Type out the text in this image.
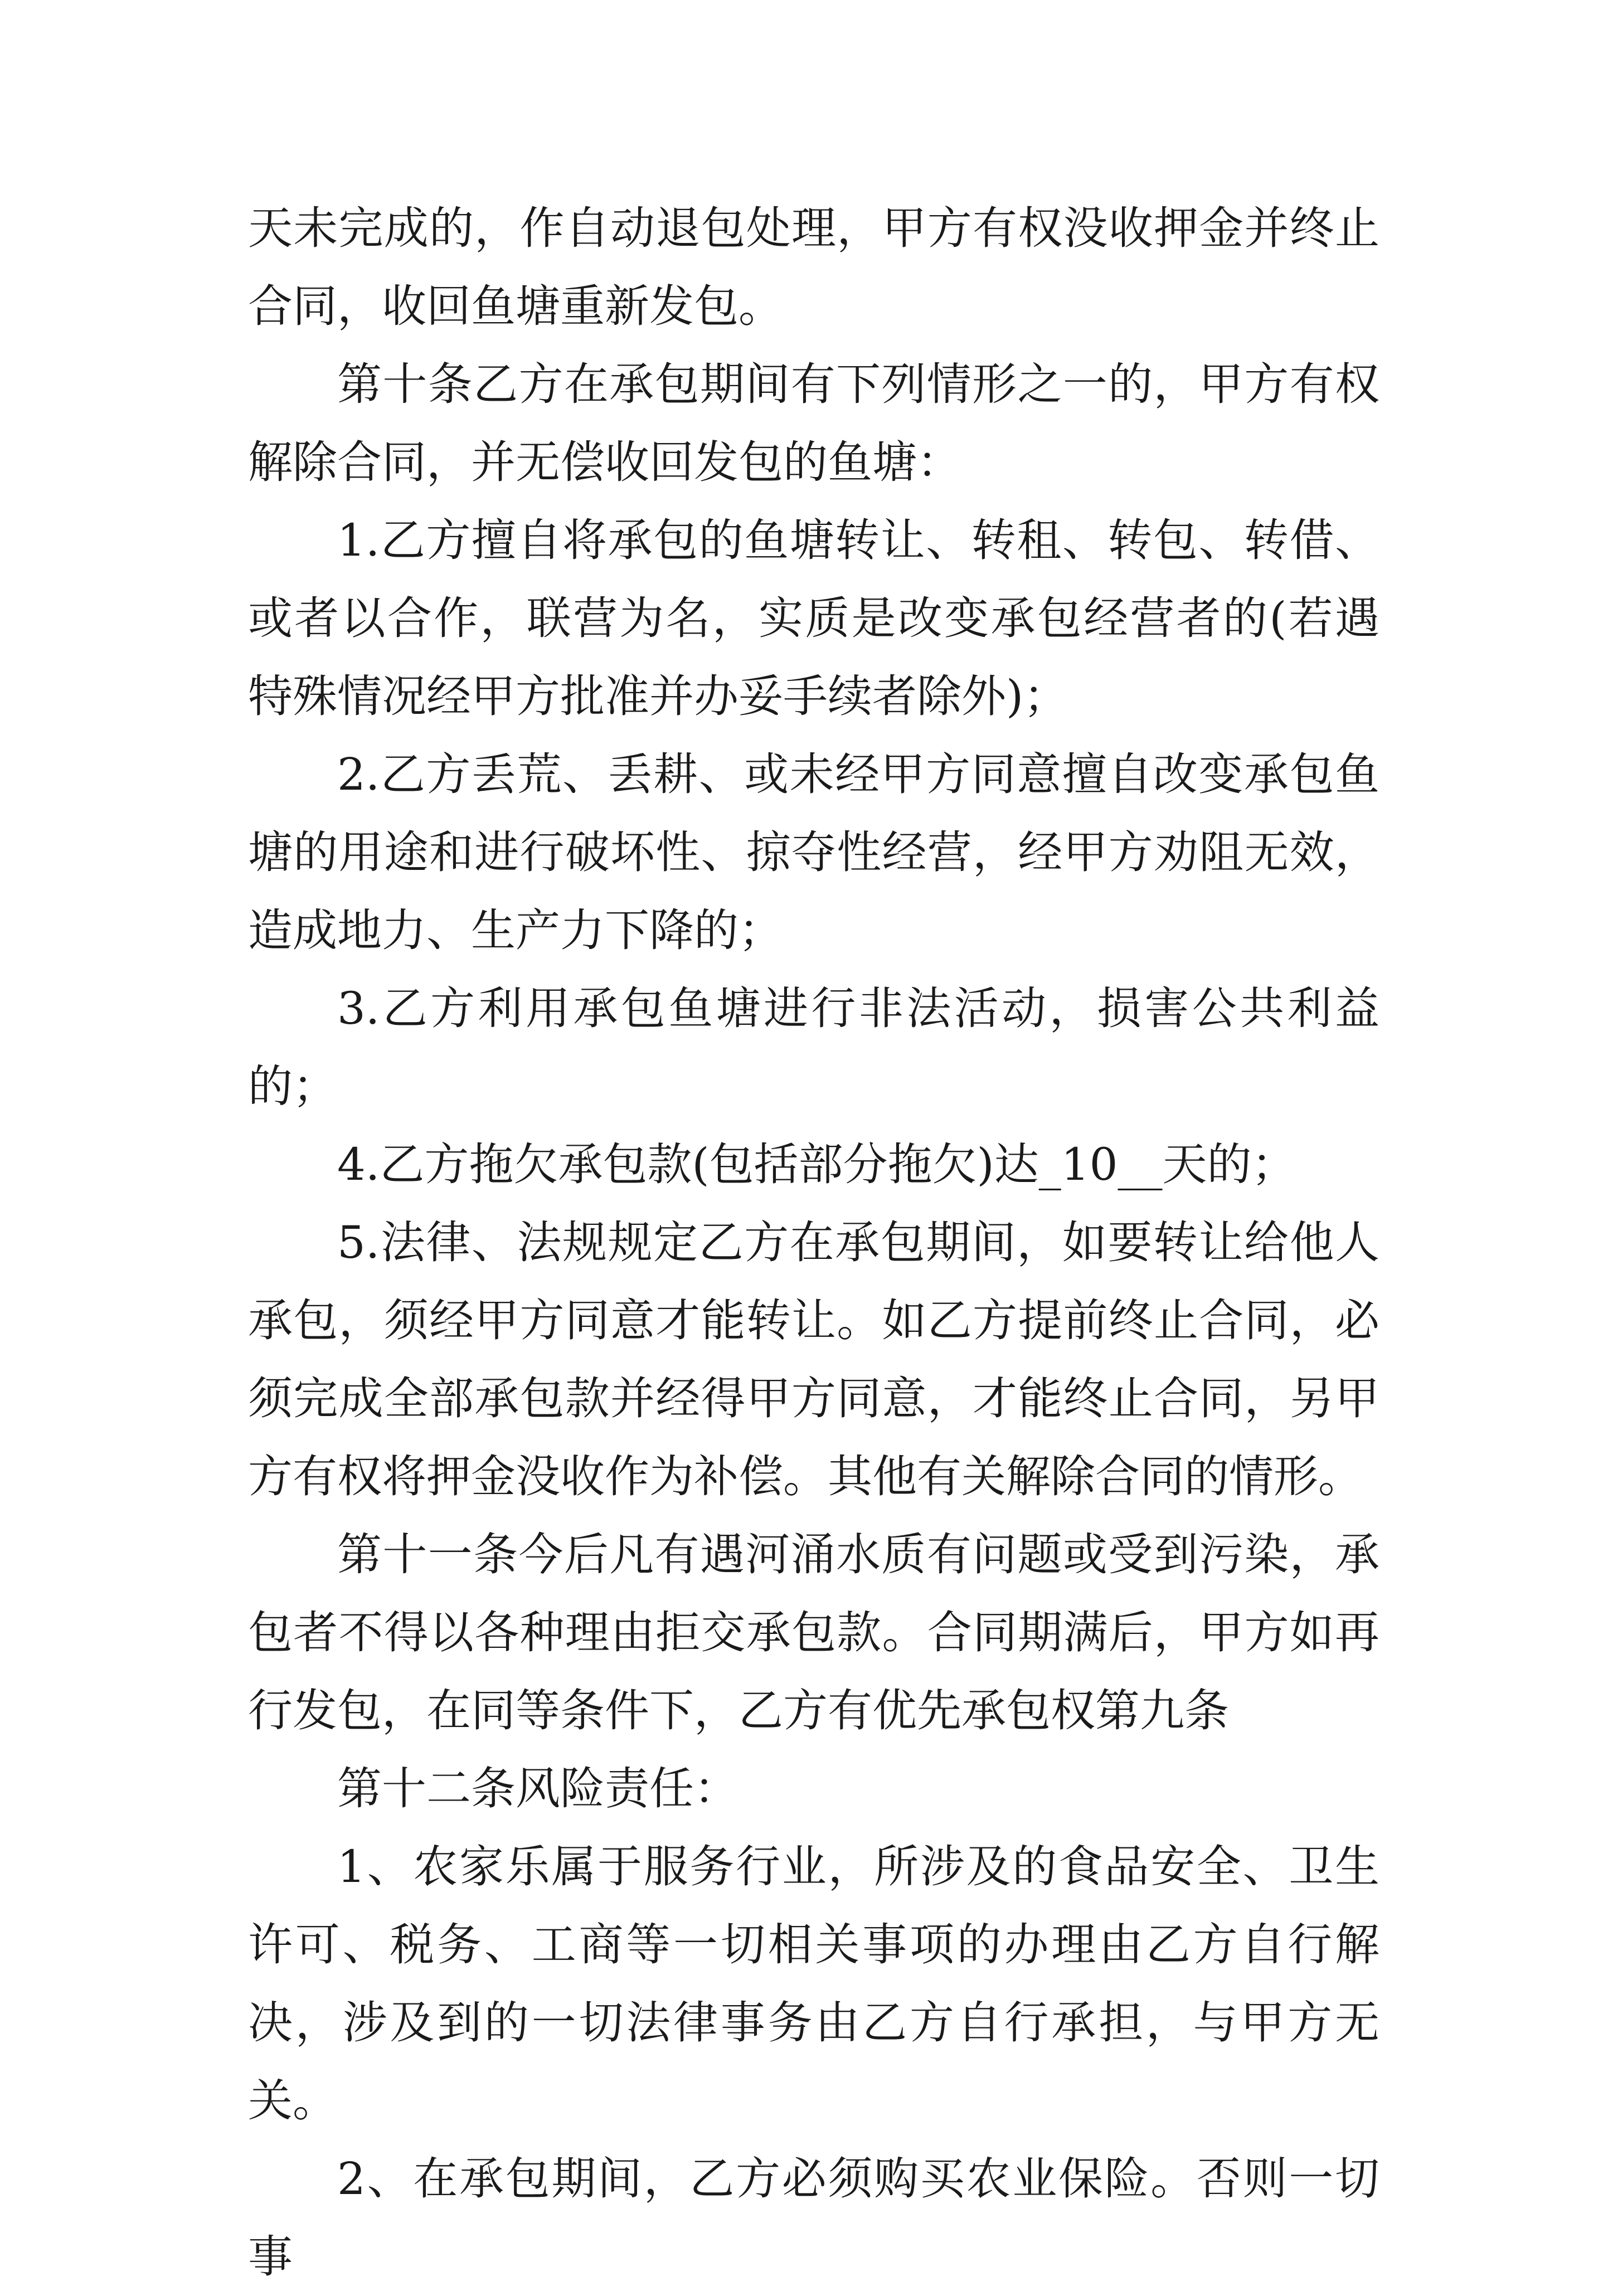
天未完成的，作自动退包处理，甲方有权没收押金并终止合同，收回鱼塘重新发包。

第十条乙方在承包期间有下列情形之一的，甲方有权解除合同，并无偿收回发包的鱼塘：

1.乙方擅自将承包的鱼塘转让、转租、转包、转借、或者以合作，联营为名，实质是改变承包经营者的(若遇特殊情况经甲方批准并办妥手续者除外)；

2.乙方丢荒、丢耕、或未经甲方同意擅自改变承包鱼塘的用途和进行破坏性、掠夺性经营，经甲方劝阻无效，造成地力、生产力下降的；

3.乙方利用承包鱼塘进行非法活动，损害公共利益的；

4.乙方拖欠承包款(包括部分拖欠)达_10__天的；

5.法律、法规规定乙方在承包期间，如要转让给他人承包，须经甲方同意才能转让。如乙方提前终止合同，必须完成全部承包款并经得甲方同意，才能终止合同，另甲方有权将押金没收作为补偿。其他有关解除合同的情形。

第十一条今后凡有遇河涌水质有问题或受到污染，承包者不得以各种理由拒交承包款。合同期满后，甲方如再行发包，在同等条件下，乙方有优先承包权第九条

第十二条风险责任：

1、农家乐属于服务行业，所涉及的食品安全、卫生许可、税务、工商等一切相关事项的办理由乙方自行解决，涉及到的一切法律事务由乙方自行承担，与甲方无关。

2、在承包期间，乙方必须购买农业保险。否则一切事
